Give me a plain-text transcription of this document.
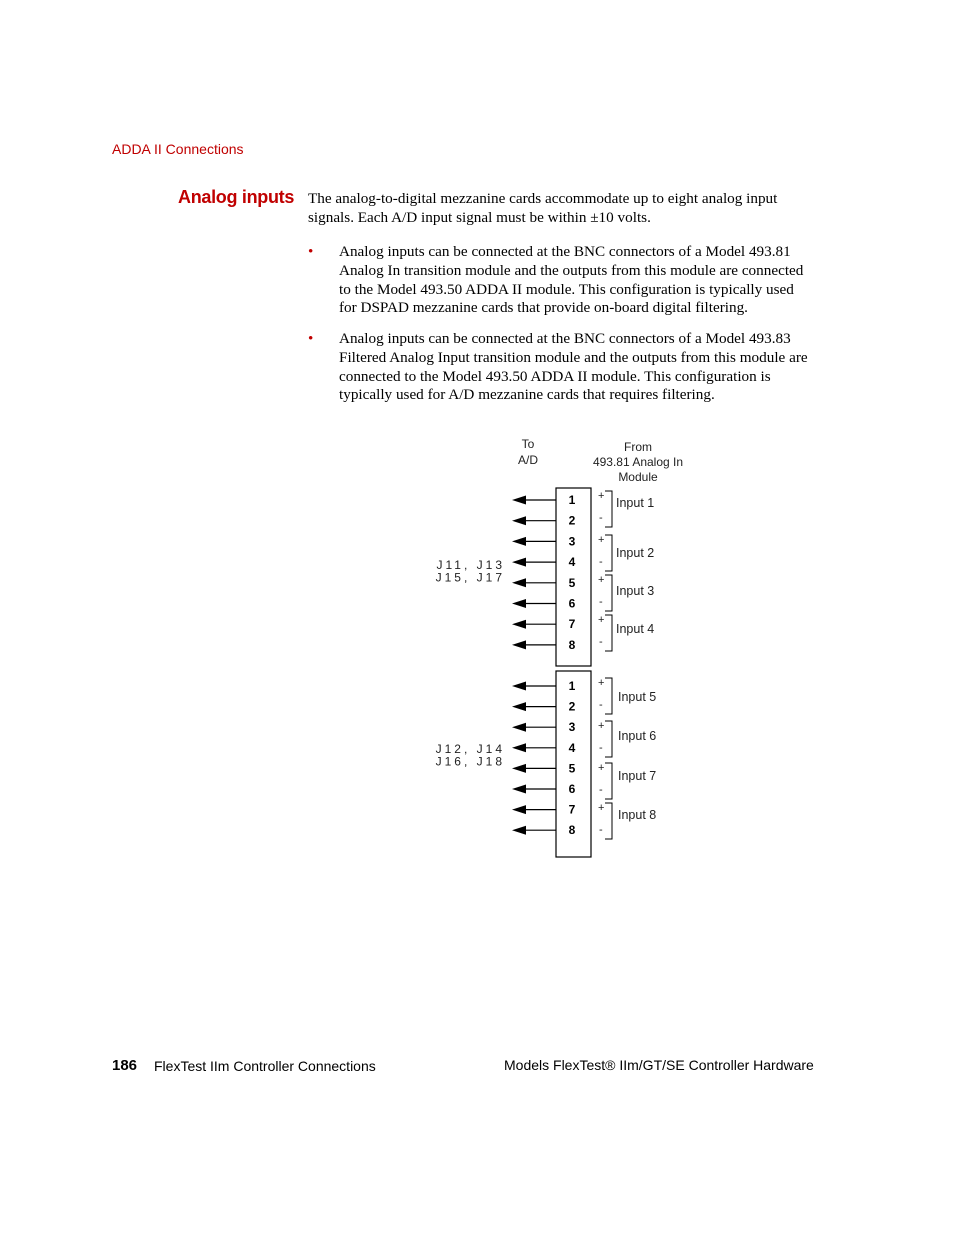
ADDA II Connections
Analog inputs The analog-to-digital mezzanine cards accommodate up to eight analog input signals. Each A/D input signal must be within ±10 volts.
• Analog inputs can be connected at the BNC connectors of a Model 493.81 Analog In transition module and the outputs from this module are connected to the Model 493.50 ADDA II module. This configuration is typically used for DSPAD mezzanine cards that provide on-board digital filtering.
• Analog inputs can be connected at the BNC connectors of a Model 493.83 Filtered Analog Input transition module and the outputs from this module are connected to the Model 493.50 ADDA II module. This configuration is typically used for A/D mezzanine cards that requires filtering.
To
A/D
From
493.81 Analog In
Module
1
2
3
4
5
6
7
8
J11, J13
J15, J17
+
-
Input 1
+
-
Input 2
+
-
Input 3
+
-
Input 4
1
2
3
4
5
6
7
8
J12, J14
J16, J18
+
-
Input 5
+
-
Input 6
+
-
Input 7
+
-
Input 8
186 FlexTest IIm Controller Connections	Models FlexTest® IIm/GT/SE Controller Hardware
